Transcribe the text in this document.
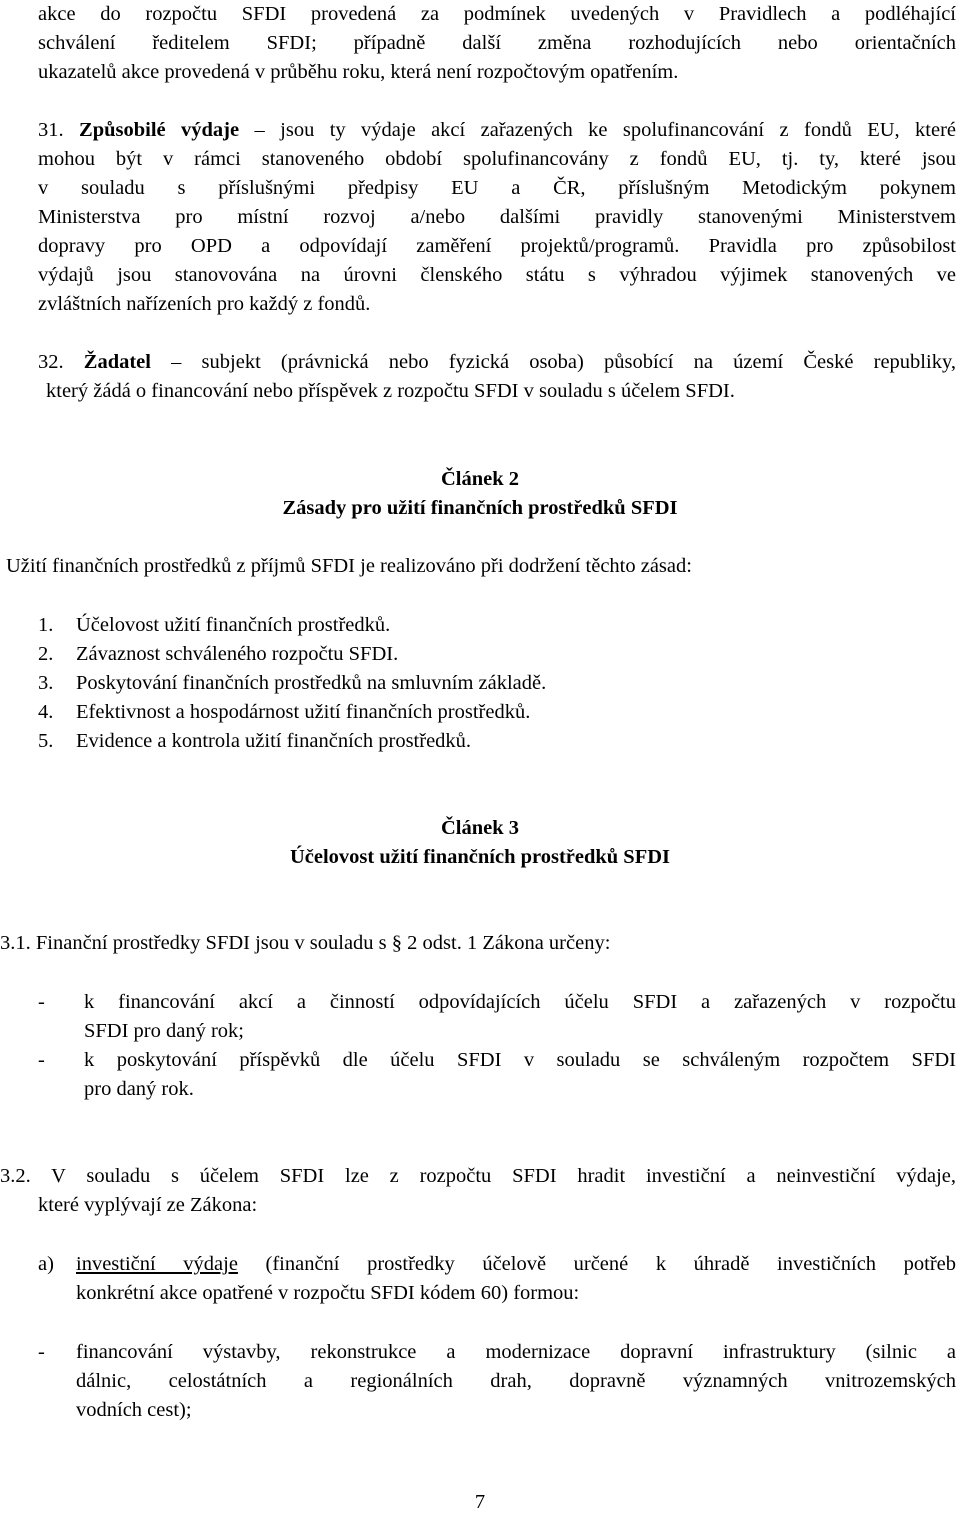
akce do rozpočtu SFDI provedená za podmínek uvedených v Pravidlech a podléhající
schválení ředitelem SFDI; případně další změna rozhodujících nebo orientačních
ukazatelů akce provedená v průběhu roku, která není rozpočtovým opatřením.
31. Způsobilé výdaje – jsou ty výdaje akcí zařazených ke spolufinancování z fondů EU, které
mohou být v rámci stanoveného období spolufinancovány z fondů EU, tj. ty, které jsou
v souladu s příslušnými předpisy EU a ČR, příslušným Metodickým pokynem
Ministerstva pro místní rozvoj a/nebo dalšími pravidly stanovenými Ministerstvem
dopravy pro OPD a odpovídají zaměření projektů/programů. Pravidla pro způsobilost
výdajů jsou stanovována na úrovni členského státu s výhradou výjimek stanovených ve
zvláštních nařízeních pro každý z fondů.
32. Žadatel – subjekt (právnická nebo fyzická osoba) působící na území České republiky,
který žádá o financování nebo příspěvek z rozpočtu SFDI v souladu s účelem SFDI.
Článek 2
Zásady pro užití finančních prostředků SFDI
Užití finančních prostředků z příjmů SFDI je realizováno při dodržení těchto zásad:
1. Účelovost užití finančních prostředků.
2. Závaznost schváleného rozpočtu SFDI.
3. Poskytování finančních prostředků na smluvním základě.
4. Efektivnost a hospodárnost užití finančních prostředků.
5. Evidence a kontrola užití finančních prostředků.
Článek 3
Účelovost užití finančních prostředků SFDI
3.1. Finanční prostředky SFDI jsou v souladu s § 2 odst. 1 Zákona určeny:
- k financování akcí a činností odpovídajících účelu SFDI a zařazených v rozpočtu
SFDI pro daný rok;
- k poskytování příspěvků dle účelu SFDI v souladu se schváleným rozpočtem SFDI
pro daný rok.
3.2. V souladu s účelem SFDI lze z rozpočtu SFDI hradit investiční a neinvestiční výdaje,
které vyplývají ze Zákona:
a) investiční výdaje (finanční prostředky účelově určené k úhradě investičních potřeb
konkrétní akce opatřené v rozpočtu SFDI kódem 60) formou:
- financování výstavby, rekonstrukce a modernizace dopravní infrastruktury (silnic a
dálnic, celostátních a regionálních drah, dopravně významných vnitrozemských
vodních cest);
7
